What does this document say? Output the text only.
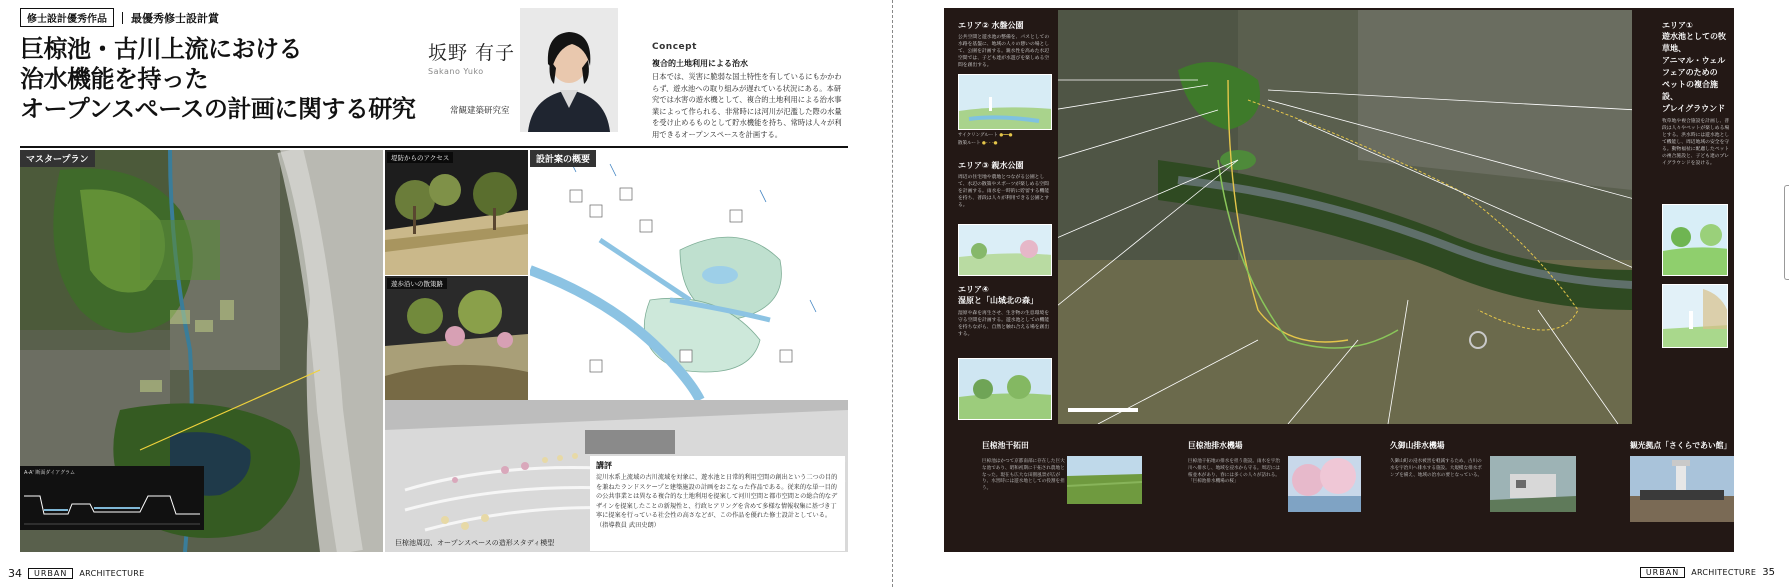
修士設計優秀作品	最優秀修士設計賞
巨椋池・古川上流における
治水機能を持った
オープンスペースの計画に関する研究
坂野 有子
Sakano Yuko
常観建築研究室
Concept
複合的土地利用による治水
日本では、災害に脆弱な国土特性を有しているにもかかわらず、遊水池への取り組みが遅れている状況にある。本研究では水害の遊水機として、複合的土地利用による治水事業によって作られる、非常時には河川が氾濫した際の水量を受け止めるものとして貯水機能を持ち、常時は人々が利用できるオープンスペースを計画する。
マスタープラン
A-A' 断面ダイアグラム
堤防からのアクセス
遊歩沿いの散策路
設計案の概要
巨椋池周辺、オープンスペースの造形スタディ模型
講評
淀川水系上流域の古川流域を対象に、遊水池と日常的利用空間の創出という二つの目的を兼ねたランドスケープと建築施設の計画をおこなった作品である。従来的な単一目的の公共事業とは異なる複合的な土地利用を提案して河川空間と都市空間との総合的なデザインを提案したことの新規性と、行政ヒアリングを含めて多様な情報収集に基づき丁寧に提案を行っている社会性の高さなどが、この作品を優れた修士設計としている。（指導教員 武田史朗）
34	URBAN	ARCHITECTURE
エリア② 水盤公園
公共空間と遊水池の整備を、パスとしての水路を基盤に、地域の人々の憩いの場として、公園を計画する。親水性を高めた水辺空間では、子ども達が水遊びを楽しめる空間を創出する。
サイクリングルート ●━━●
散策ルート ●- - -●
エリア③ 親水公園
周辺の住宅地や農地とつながる公園として、水辺の散策やスポーツが楽しめる空間を計画する。雨水を一時的に貯留する機能を持ち、普段は人々が利用できる公園とする。
エリア④
湿原と「山城北の森」
湿原や森を再生させ、生き物の生息環境を守る空間を計画する。遊水池としての機能を持ちながら、自然と触れ合える場を創出する。
エリア①
遊水池としての牧草地、
アニマル・ウェルフェアのための
ペットの複合施設、
プレイグラウンド
牧草地や複合施設を計画し、普段は人々やペットが楽しめる場とする。洪水時には遊水池として機能し、周辺地域の安全を守る。動物福祉に配慮したペットの複合施設と、子ども達のプレイグラウンドを設ける。
巨椋池干拓田
巨椋池はかつて京都南部に存在した巨大な池であり、昭和初期に干拓され農地となった。現在も広大な田園風景が広がり、水害時には遊水地としての役割を担う。
巨椋池排水機場
巨椋池干拓地の排水を担う施設。雨水を宇治川へ排水し、地域を浸水から守る。周辺には桜並木があり、春には多くの人々が訪れる。「巨椋池排水機場の桜」
久御山排水機場
久御山町の浸水被害を軽減するため、古川の水を宇治川へ排水する施設。大規模な排水ポンプを備え、地域の治水の要となっている。
観光拠点「さくらであい館」
URBAN	ARCHITECTURE 35
